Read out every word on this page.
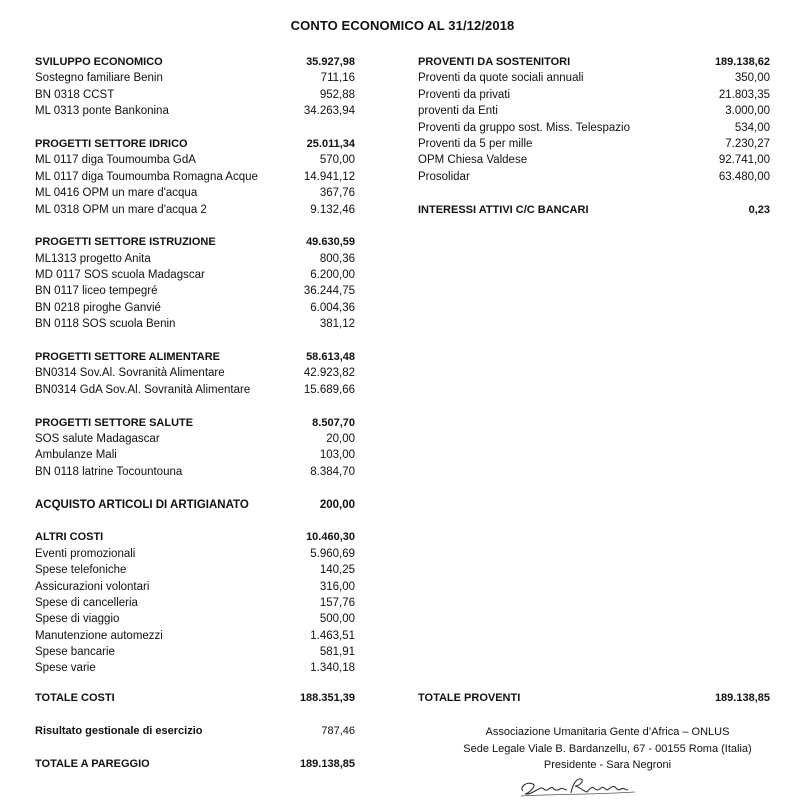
CONTO ECONOMICO AL 31/12/2018
SVILUPPO ECONOMICO	35.927,98
Sostegno familiare Benin	711,16
BN 0318 CCST	952,88
ML 0313 ponte Bankonina	34.263,94
PROGETTI SETTORE IDRICO	25.011,34
ML 0117 diga Toumoumba GdA	570,00
ML 0117 diga Toumoumba Romagna Acque	14.941,12
ML 0416 OPM un mare d'acqua	367,76
ML 0318 OPM un mare d'acqua 2	9.132,46
PROGETTI SETTORE ISTRUZIONE	49.630,59
ML1313 progetto Anita	800,36
MD 0117 SOS scuola Madagscar	6.200,00
BN 0117 liceo tempegré	36.244,75
BN 0218 piroghe Ganvié	6.004,36
BN 0118 SOS scuola Benin	381,12
PROGETTI SETTORE ALIMENTARE	58.613,48
BN0314 Sov.Al. Sovranità Alimentare	42.923,82
BN0314 GdA Sov.Al. Sovranità Alimentare	15.689,66
PROGETTI SETTORE SALUTE	8.507,70
SOS salute Madagascar	20,00
Ambulanze Mali	103,00
BN 0118 latrine Tocountouna	8.384,70
ACQUISTO ARTICOLI DI ARTIGIANATO	200,00
ALTRI COSTI	10.460,30
Eventi promozionali	5.960,69
Spese telefoniche	140,25
Assicurazioni volontari	316,00
Spese di cancelleria	157,76
Spese di viaggio	500,00
Manutenzione automezzi	1.463,51
Spese bancarie	581,91
Spese varie	1.340,18
PROVENTI DA SOSTENITORI	189.138,62
Proventi da quote sociali annuali	350,00
Proventi da privati	21.803,35
proventi da Enti	3.000,00
Proventi da gruppo sost. Miss. Telespazio	534,00
Proventi da 5 per mille	7.230,27
OPM Chiesa Valdese	92.741,00
Prosolidar	63.480,00
INTERESSI ATTIVI C/C BANCARI	0,23
TOTALE COSTI	188.351,39	TOTALE PROVENTI	189.138,85
Risultato gestionale di esercizio	787,46
TOTALE A PAREGGIO	189.138,85
Associazione Umanitaria Gente d’Africa – ONLUS
Sede Legale Viale B. Bardanzellu, 67 - 00155 Roma (Italia)
Presidente - Sara Negroni
